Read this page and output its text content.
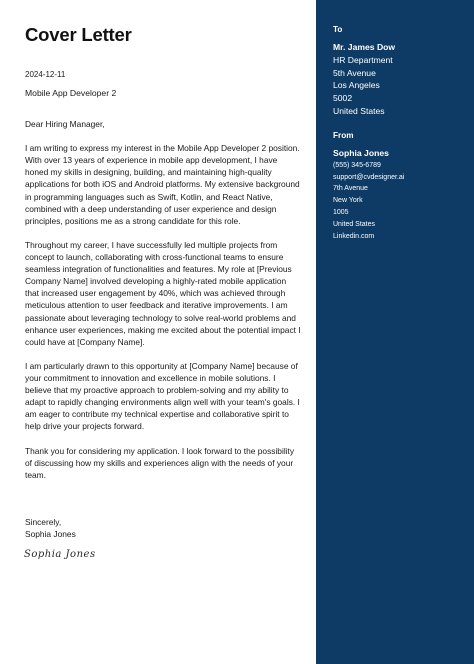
Cover Letter
2024-12-11
Mobile App Developer 2

Dear Hiring Manager,

I am writing to express my interest in the Mobile App Developer 2 position. With over 13 years of experience in mobile app development, I have honed my skills in designing, building, and maintaining high-quality applications for both iOS and Android platforms. My extensive background in programming languages such as Swift, Kotlin, and React Native, combined with a deep understanding of user experience and design principles, positions me as a strong candidate for this role.

Throughout my career, I have successfully led multiple projects from concept to launch, collaborating with cross-functional teams to ensure seamless integration of functionalities and features. My role at [Previous Company Name] involved developing a highly-rated mobile application that increased user engagement by 40%, which was achieved through meticulous attention to user feedback and iterative improvements. I am passionate about leveraging technology to solve real-world problems and enhance user experiences, making me excited about the potential impact I could have at [Company Name].

I am particularly drawn to this opportunity at [Company Name] because of your commitment to innovation and excellence in mobile solutions. I believe that my proactive approach to problem-solving and my ability to adapt to rapidly changing environments align well with your team's goals. I am eager to contribute my technical expertise and collaborative spirit to help drive your projects forward.

Thank you for considering my application. I look forward to the possibility of discussing how my skills and experiences align with the needs of your team.

Sincerely,
Sophia Jones
Sophia Jones
To
Mr. James Dow
HR Department
5th Avenue
Los Angeles
5002
United States
From
Sophia Jones
(555) 345-6789
support@cvdesigner.ai
7th Avenue
New York
1005
United States
Linkedin.com
